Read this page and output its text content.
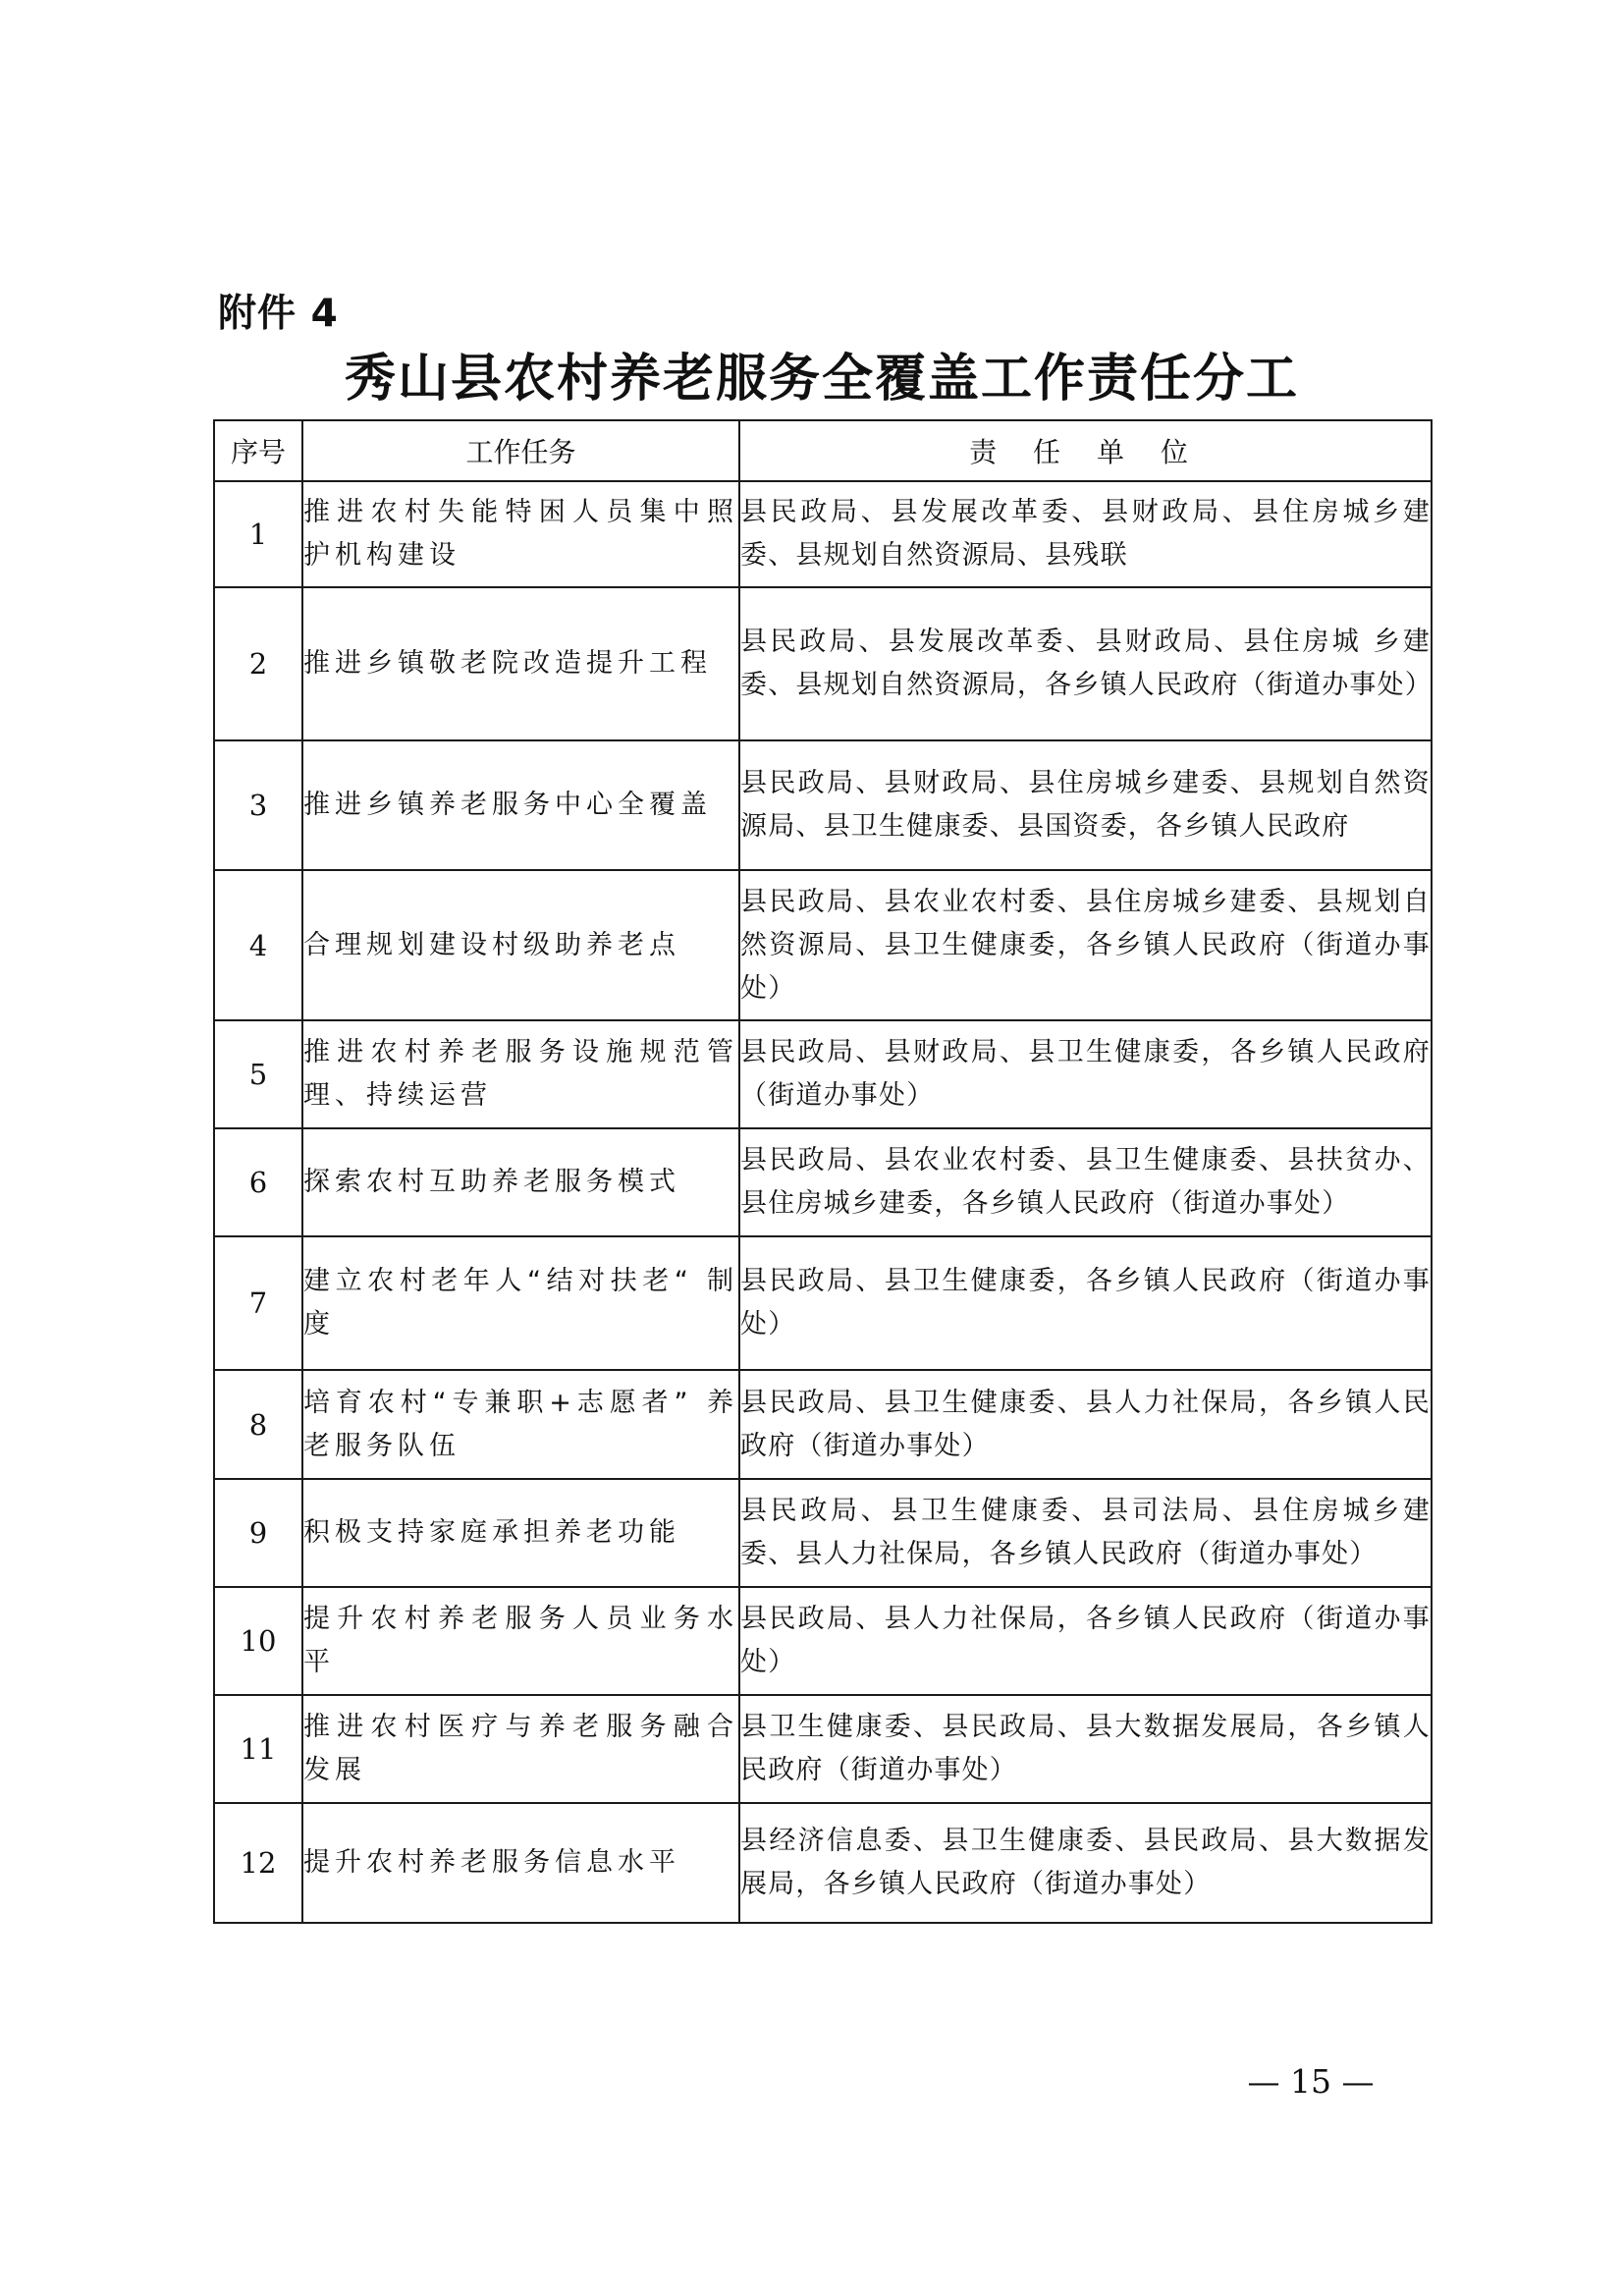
附件 4
秀山县农村养老服务全覆盖工作责任分工
序号	工作任务	责 任 单 位
1	推进农村失能特困人员集中照护机构建设	县民政局、县发展改革委、县财政局、县住房城乡建委、县规划自然资源局、县残联
2	推进乡镇敬老院改造提升工程	县民政局、县发展改革委、县财政局、县住房城 乡建委、县规划自然资源局，各乡镇人民政府（街道办事处）
3	推进乡镇养老服务中心全覆盖	县民政局、县财政局、县住房城乡建委、县规划自然资源局、县卫生健康委、县国资委，各乡镇人民政府
4	合理规划建设村级助养老点	县民政局、县农业农村委、县住房城乡建委、县规划自然资源局、县卫生健康委，各乡镇人民政府（街道办事处）
5	推进农村养老服务设施规范管理、持续运营	县民政局、县财政局、县卫生健康委，各乡镇人民政府（街道办事处）
6	探索农村互助养老服务模式	县民政局、县农业农村委、县卫生健康委、县扶贫办、县住房城乡建委，各乡镇人民政府（街道办事处）
7	建立农村老年人“结对扶老“ 制度	县民政局、县卫生健康委，各乡镇人民政府（街道办事处）
8	培育农村“专兼职+志愿者” 养老服务队伍	县民政局、县卫生健康委、县人力社保局，各乡镇人民政府（街道办事处）
9	积极支持家庭承担养老功能	县民政局、县卫生健康委、县司法局、县住房城乡建委、县人力社保局，各乡镇人民政府（街道办事处）
10	提升农村养老服务人员业务水平	县民政局、县人力社保局，各乡镇人民政府（街道办事处）
11	推进农村医疗与养老服务融合发展	县卫生健康委、县民政局、县大数据发展局，各乡镇人民政府（街道办事处）
12	提升农村养老服务信息水平	县经济信息委、县卫生健康委、县民政局、县大数据发展局，各乡镇人民政府（街道办事处）
— 15 —
